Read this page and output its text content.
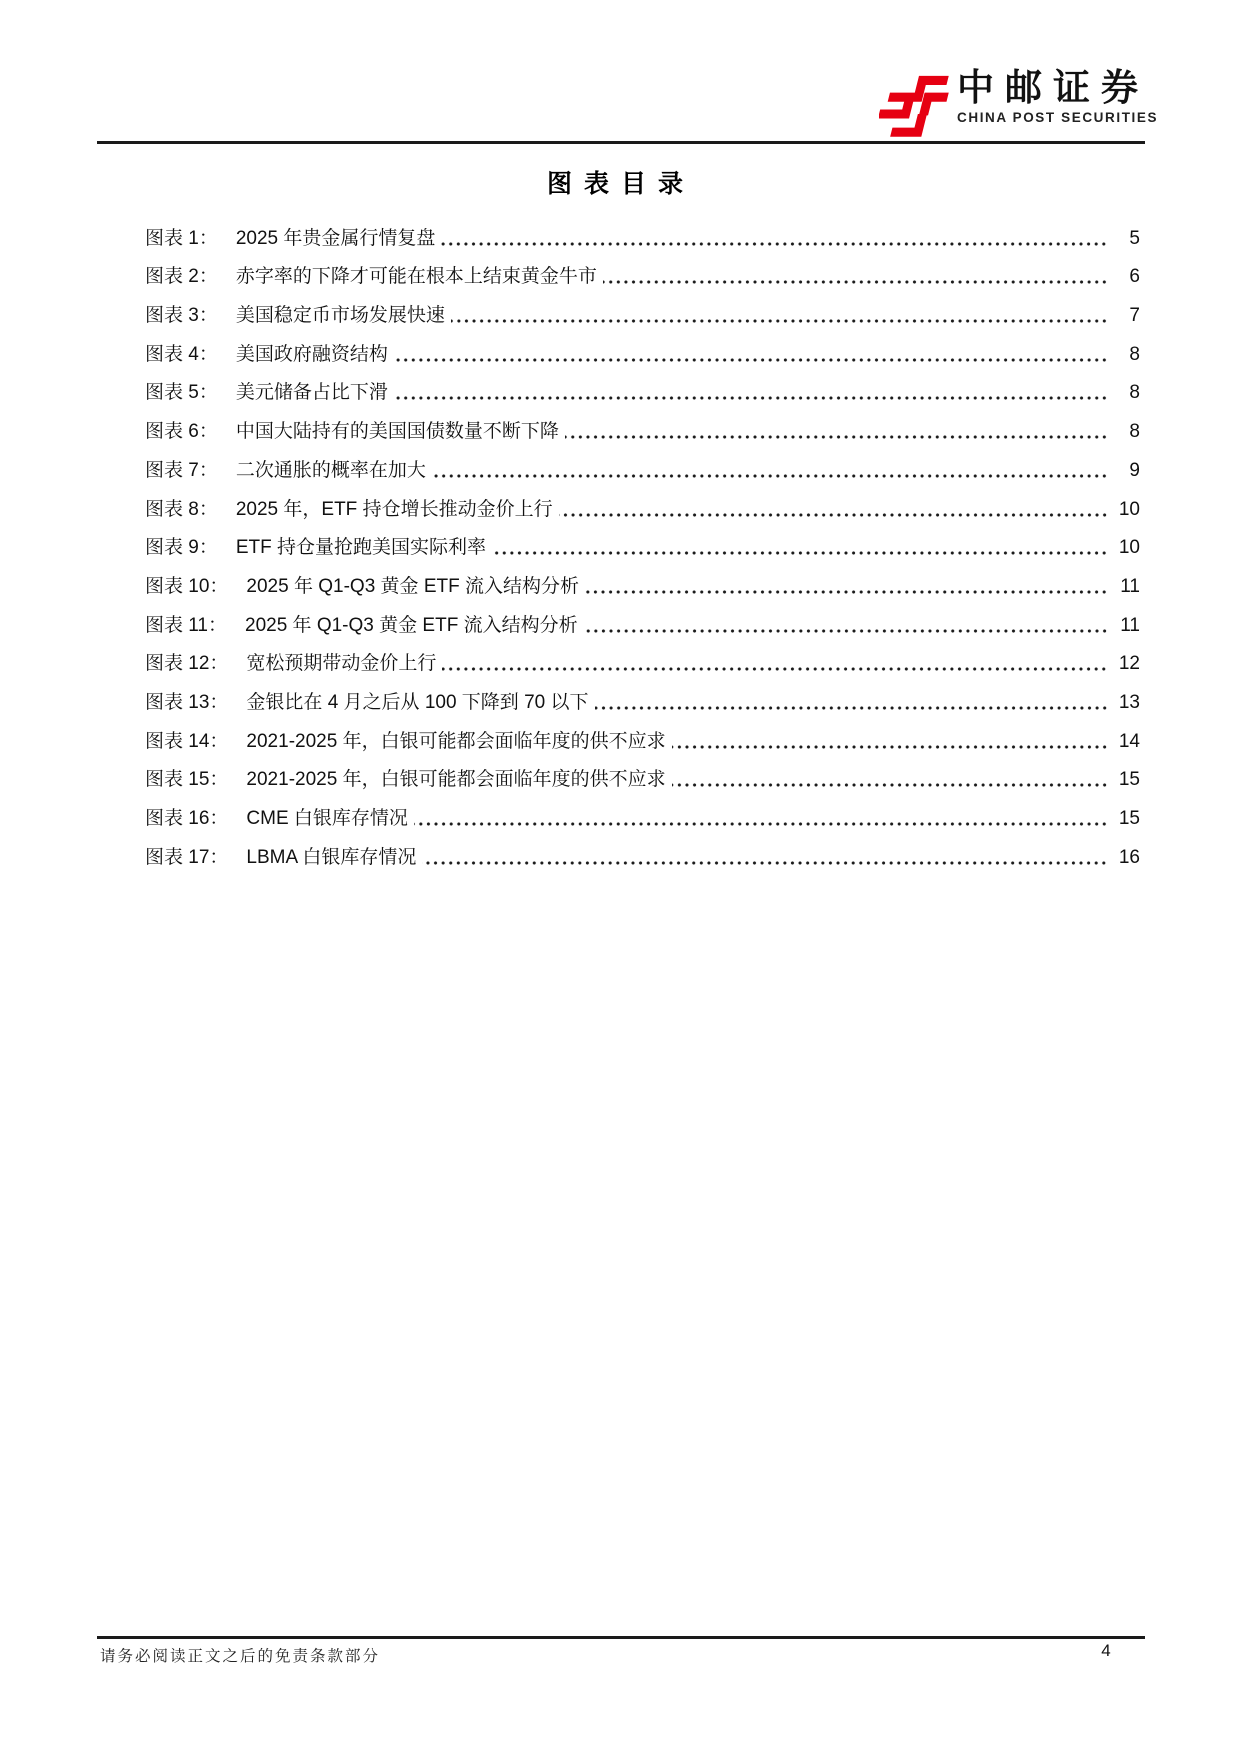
中邮证券
CHINA POST SECURITIES
图表目录
图表 1： 2025 年贵金属行情复盘	5
图表 2： 赤字率的下降才可能在根本上结束黄金牛市	6
图表 3： 美国稳定币市场发展快速	7
图表 4： 美国政府融资结构	8
图表 5： 美元储备占比下滑	8
图表 6： 中国大陆持有的美国国债数量不断下降	8
图表 7： 二次通胀的概率在加大	9
图表 8： 2025 年，ETF 持仓增长推动金价上行	10
图表 9： ETF 持仓量抢跑美国实际利率	10
图表 10： 2025 年 Q1-Q3 黄金 ETF 流入结构分析	11
图表 11： 2025 年 Q1-Q3 黄金 ETF 流入结构分析	11
图表 12： 宽松预期带动金价上行	12
图表 13： 金银比在 4 月之后从 100 下降到 70 以下	13
图表 14： 2021-2025 年，白银可能都会面临年度的供不应求	14
图表 15： 2021-2025 年，白银可能都会面临年度的供不应求	15
图表 16： CME 白银库存情况	15
图表 17： LBMA 白银库存情况	16
请务必阅读正文之后的免责条款部分	4
